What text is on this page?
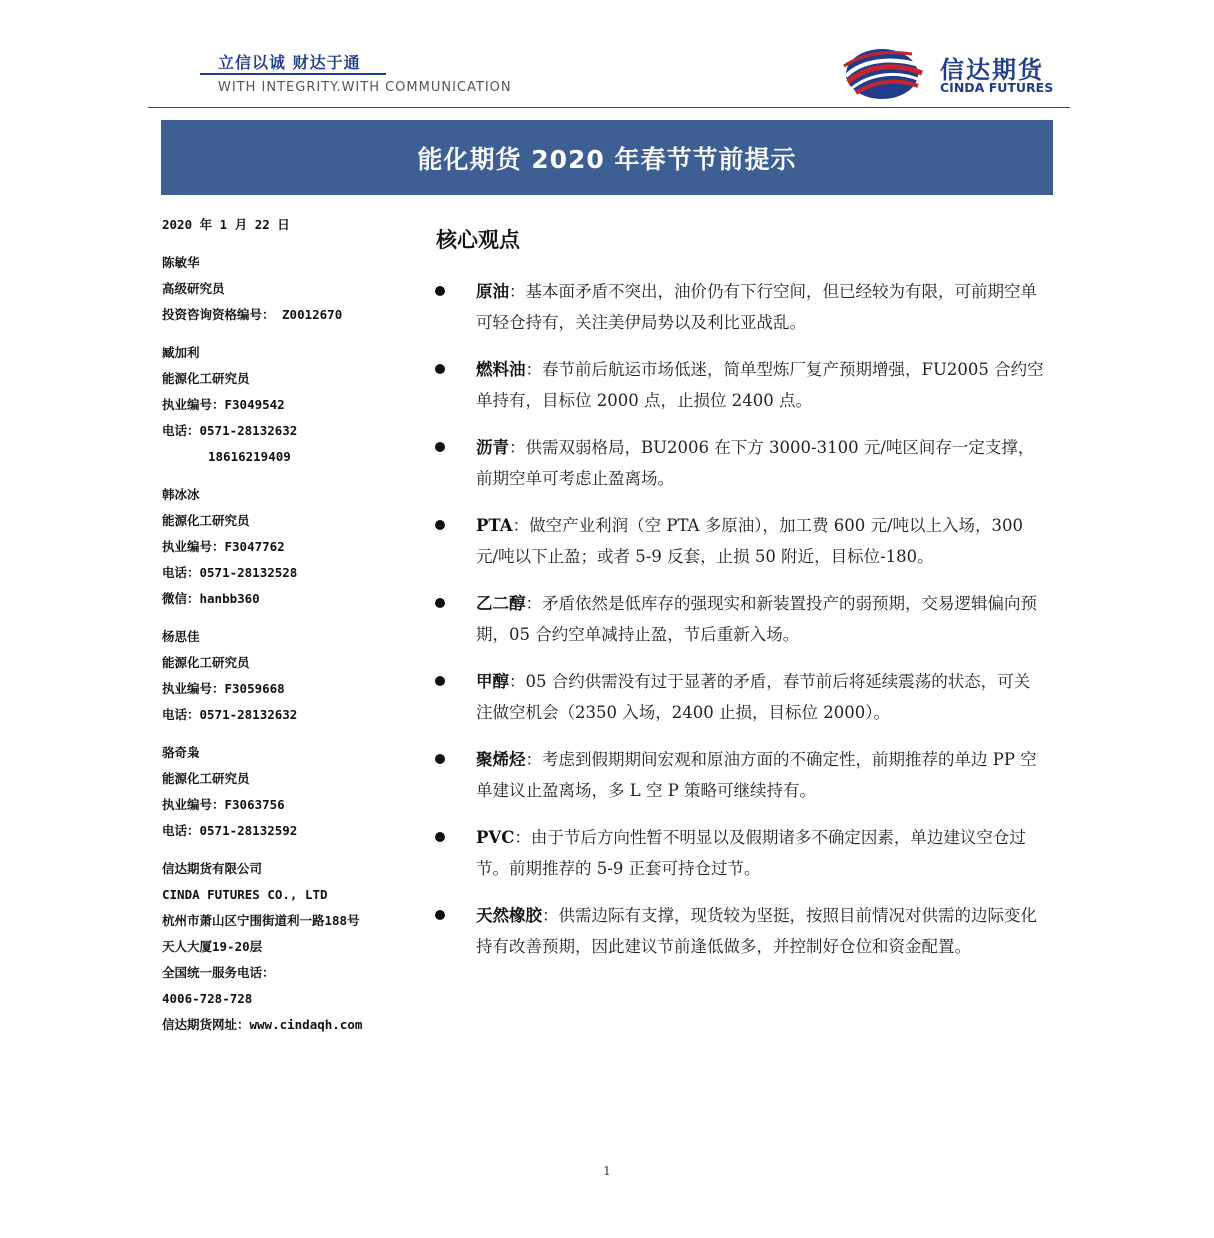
立信以诚 财达于通
WITH INTEGRITY.WITH COMMUNICATION
信达期货
CINDA FUTURES
能化期货 2020 年春节节前提示
2020 年 1 月 22 日
陈敏华
高级研究员
投资咨询资格编号： Z0012670
臧加利
能源化工研究员
执业编号：F3049542
电话：0571-28132632
18616219409
韩冰冰
能源化工研究员
执业编号：F3047762
电话：0571-28132528
微信：hanbb360
杨思佳
能源化工研究员
执业编号：F3059668
电话：0571-28132632
骆奇枭
能源化工研究员
执业编号：F3063756
电话：0571-28132592
信达期货有限公司
CINDA FUTURES CO., LTD
杭州市萧山区宁围街道利一路188号
天人大厦19-20层
全国统一服务电话：
4006-728-728
信达期货网址：www.cindaqh.com
核心观点
原油：基本面矛盾不突出，油价仍有下行空间，但已经较为有限，可前期空单可轻仓持有，关注美伊局势以及利比亚战乱。
燃料油：春节前后航运市场低迷，简单型炼厂复产预期增强，FU2005 合约空单持有，目标位 2000 点，止损位 2400 点。
沥青：供需双弱格局，BU2006 在下方 3000-3100 元/吨区间存一定支撑，前期空单可考虑止盈离场。
PTA：做空产业利润（空 PTA 多原油），加工费 600 元/吨以上入场，300 元/吨以下止盈；或者 5-9 反套，止损 50 附近，目标位-180。
乙二醇：矛盾依然是低库存的强现实和新装置投产的弱预期，交易逻辑偏向预期，05 合约空单减持止盈，节后重新入场。
甲醇：05 合约供需没有过于显著的矛盾，春节前后将延续震荡的状态，可关注做空机会（2350 入场，2400 止损，目标位 2000）。
聚烯烃：考虑到假期期间宏观和原油方面的不确定性，前期推荐的单边 PP 空单建议止盈离场，多 L 空 P 策略可继续持有。
PVC：由于节后方向性暂不明显以及假期诸多不确定因素，单边建议空仓过节。前期推荐的 5-9 正套可持仓过节。
天然橡胶：供需边际有支撑，现货较为坚挺，按照目前情况对供需的边际变化持有改善预期，因此建议节前逢低做多，并控制好仓位和资金配置。
1
